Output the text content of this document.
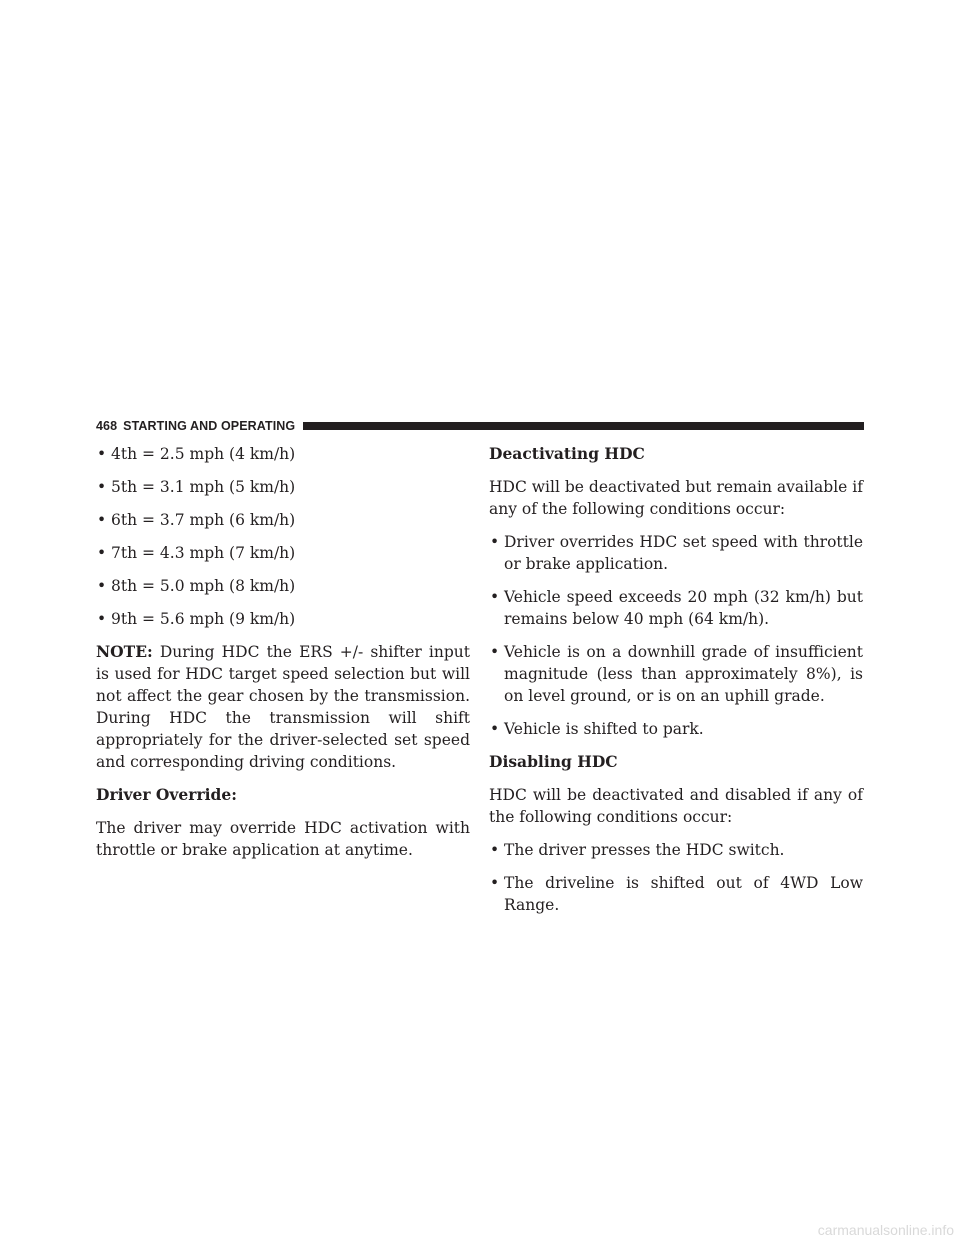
468 STARTING AND OPERATING
• 4th = 2.5 mph (4 km/h)
• 5th = 3.1 mph (5 km/h)
• 6th = 3.7 mph (6 km/h)
• 7th = 4.3 mph (7 km/h)
• 8th = 5.0 mph (8 km/h)
• 9th = 5.6 mph (9 km/h)

NOTE: During HDC the ERS +/- shifter input is used for HDC target speed selection but will not affect the gear chosen by the transmission. During HDC the transmission will shift appropriately for the driver-selected set speed and corresponding driving conditions.

Driver Override:

The driver may override HDC activation with throttle or brake application at anytime.

Deactivating HDC

HDC will be deactivated but remain available if any of the following conditions occur:

• Driver overrides HDC set speed with throttle or brake application.
• Vehicle speed exceeds 20 mph (32 km/h) but remains below 40 mph (64 km/h).
• Vehicle is on a downhill grade of insufficient magnitude (less than approximately 8%), is on level ground, or is on an uphill grade.
• Vehicle is shifted to park.

Disabling HDC

HDC will be deactivated and disabled if any of the following conditions occur:

• The driver presses the HDC switch.
• The driveline is shifted out of 4WD Low Range.
carmanualsonline.info
